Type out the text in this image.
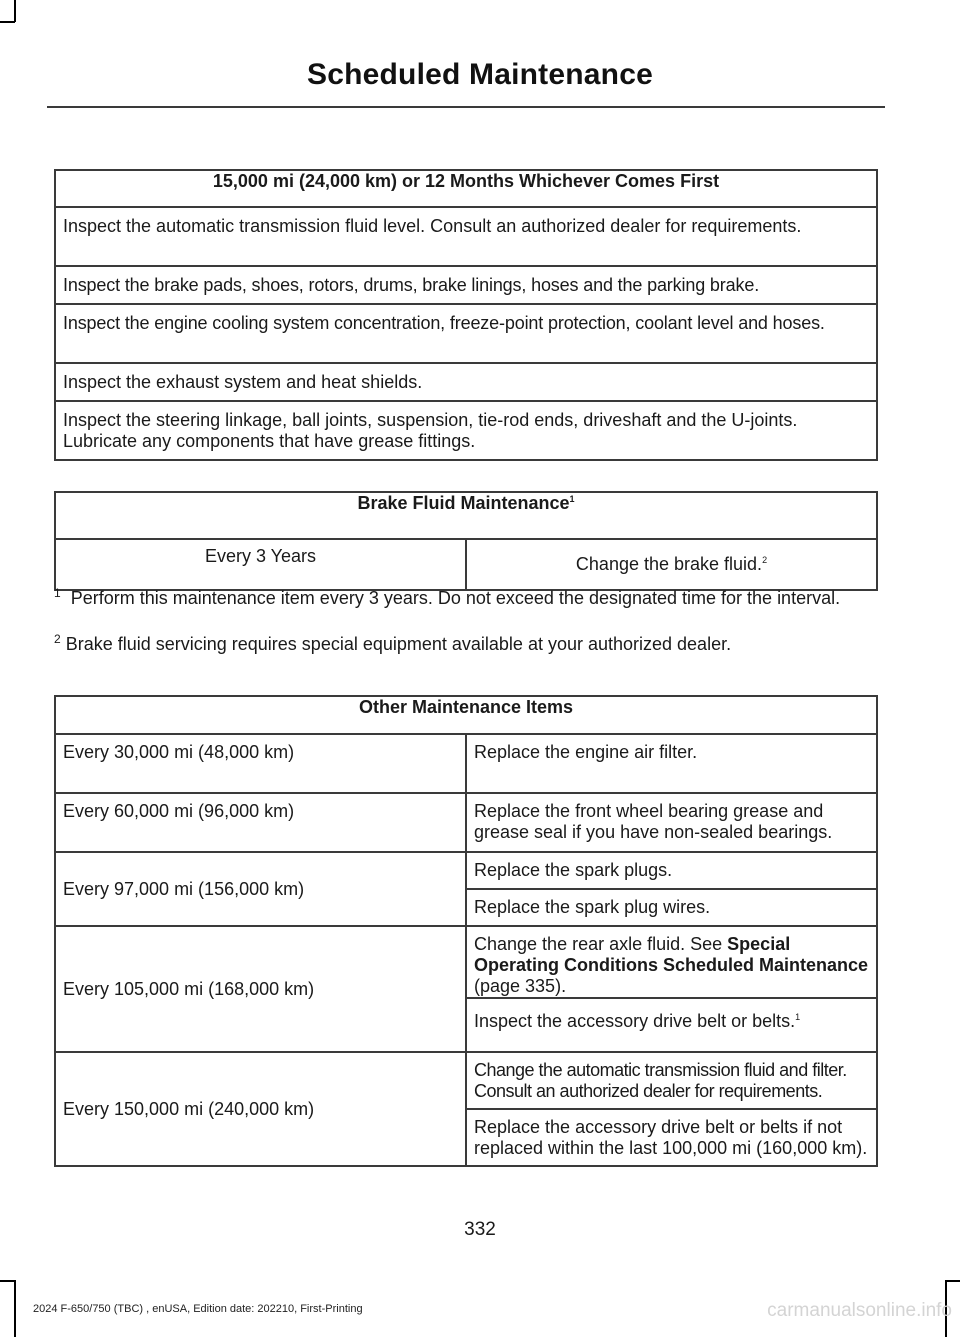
Scheduled Maintenance
15,000 mi (24,000 km) or 12 Months Whichever Comes First
Inspect the automatic transmission fluid level. Consult an authorized dealer for requirements.
Inspect the brake pads, shoes, rotors, drums, brake linings, hoses and the parking brake.
Inspect the engine cooling system concentration, freeze-point protection, coolant level and hoses.
Inspect the exhaust system and heat shields.
Inspect the steering linkage, ball joints, suspension, tie-rod ends, driveshaft and the U-joints. Lubricate any components that have grease fittings.
Brake Fluid Maintenance$^1$
Every 3 Years	Change the brake fluid.$^2$
$^1$ Perform this maintenance item every 3 years. Do not exceed the designated time for the interval.
$^2$ Brake fluid servicing requires special equipment available at your authorized dealer.
Other Maintenance Items	
Every 30,000 mi (48,000 km)	Replace the engine air filter.
Every 60,000 mi (96,000 km)	Replace the front wheel bearing grease and grease seal if you have non-sealed bearings.
Every 97,000 mi (156,000 km)	Replace the spark plugs.
	Replace the spark plug wires.
Every 105,000 mi (168,000 km)	Change the rear axle fluid. See Special Operating Conditions Scheduled Maintenance (page 335).
	Inspect the accessory drive belt or belts.$^1$
Every 150,000 mi (240,000 km)	Change the automatic transmission fluid and filter. Consult an authorized dealer for requirements.
	Replace the accessory drive belt or belts if not replaced within the last 100,000 mi (160,000 km).
332
2024 F-650/750 (TBC) , enUSA, Edition date: 202210, First-Printing	carmanualsonline.info
